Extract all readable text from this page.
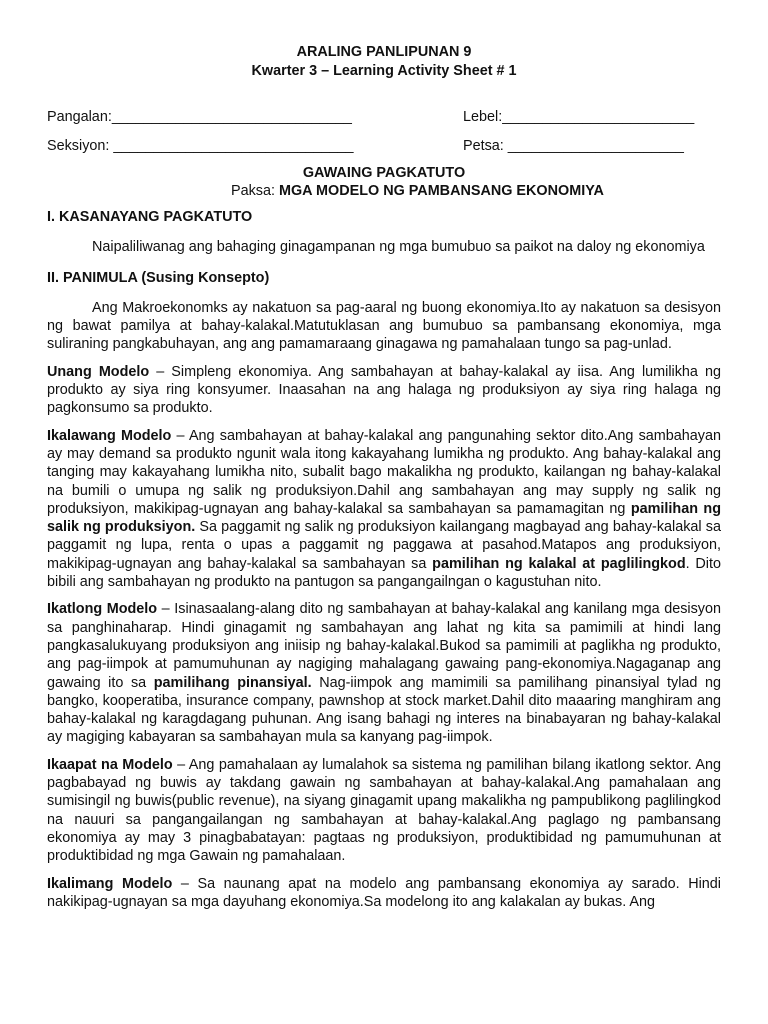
ARALING PANLIPUNAN 9
Kwarter 3 – Learning Activity Sheet # 1
Pangalan:______________________________	Lebel:________________________
Seksiyon: ______________________________	Petsa: ______________________
GAWAING PAGKATUTO
Paksa: MGA MODELO NG PAMBANSANG EKONOMIYA

I. KASANAYANG PAGKATUTO

Naipaliliwanag ang bahaging ginagampanan ng mga bumubuo sa paikot na daloy ng ekonomiya

II. PANIMULA (Susing Konsepto)

Ang Makroekonomks ay nakatuon sa pag-aaral ng buong ekonomiya.Ito ay nakatuon sa desisyon ng bawat pamilya at bahay-kalakal.Matutuklasan ang bumubuo sa pambansang ekonomiya, mga suliraning pangkabuhayan, ang ang pamamaraang ginagawa ng pamahalaan tungo sa pag-unlad.

Unang Modelo – Simpleng ekonomiya. Ang sambahayan at bahay-kalakal ay iisa. Ang lumilikha ng produkto ay siya ring konsyumer. Inaasahan na ang halaga ng produksiyon ay siya ring halaga ng pagkonsumo sa produkto.

Ikalawang Modelo – Ang sambahayan at bahay-kalakal ang pangunahing sektor dito.Ang sambahayan ay may demand sa produkto ngunit wala itong kakayahang lumikha ng produkto. Ang bahay-kalakal ang tanging may kakayahang lumikha nito, subalit bago makalikha ng produkto, kailangan ng bahay-kalakal na bumili o umupa ng salik ng produksiyon.Dahil ang sambahayan ang may supply ng salik ng produksiyon, makikipag-ugnayan ang bahay-kalakal sa sambahayan sa pamamagitan ng pamilihan ng salik ng produksiyon. Sa paggamit ng salik ng produksiyon kailangang magbayad ang bahay-kalakal sa paggamit ng lupa, renta o upas a paggamit ng paggawa at pasahod.Matapos ang produksiyon, makikipag-ugnayan ang bahay-kalakal sa sambahayan sa pamilihan ng kalakal at paglilingkod. Dito bibili ang sambahayan ng produkto na pantugon sa pangangailngan o kagustuhan nito.

Ikatlong Modelo – Isinasaalang-alang dito ng sambahayan at bahay-kalakal ang kanilang mga desisyon sa panghinaharap. Hindi ginagamit ng sambahayan ang lahat ng kita sa pamimili at hindi lang pangkasalukuyang produksiyon ang iniisip ng bahay-kalakal.Bukod sa pamimili at paglikha ng produkto, ang pag-iimpok at pamumuhunan ay nagiging mahalagang gawaing pang-ekonomiya.Nagaganap ang gawaing ito sa pamilihang pinansiyal. Nag-iimpok ang mamimili sa pamilihang pinansiyal tylad ng bangko, kooperatiba, insurance company, pawnshop at stock market.Dahil dito maaaring manghiram ang bahay-kalakal ng karagdagang puhunan. Ang isang bahagi ng interes na binabayaran ng bahay-kalakal ay magiging kabayaran sa sambahayan mula sa kanyang pag-iimpok.

Ikaapat na Modelo – Ang pamahalaan ay lumalahok sa sistema ng pamilihan bilang ikatlong sektor. Ang pagbabayad ng buwis ay takdang gawain ng sambahayan at bahay-kalakal.Ang pamahalaan ang sumisingil ng buwis(public revenue), na siyang ginagamit upang makalikha ng pampublikong paglilingkod na nauuri sa pangangailangan ng sambahayan at bahay-kalakal.Ang paglago ng pambansang ekonomiya ay may 3 pinagbabatayan: pagtaas ng produksiyon, produktibidad ng pamumuhunan at produktibidad ng mga Gawain ng pamahalaan.

Ikalimang Modelo – Sa naunang apat na modelo ang pambansang ekonomiya ay sarado. Hindi nakikipag-ugnayan sa mga dayuhang ekonomiya.Sa modelong ito ang kalakalan ay bukas. Ang
